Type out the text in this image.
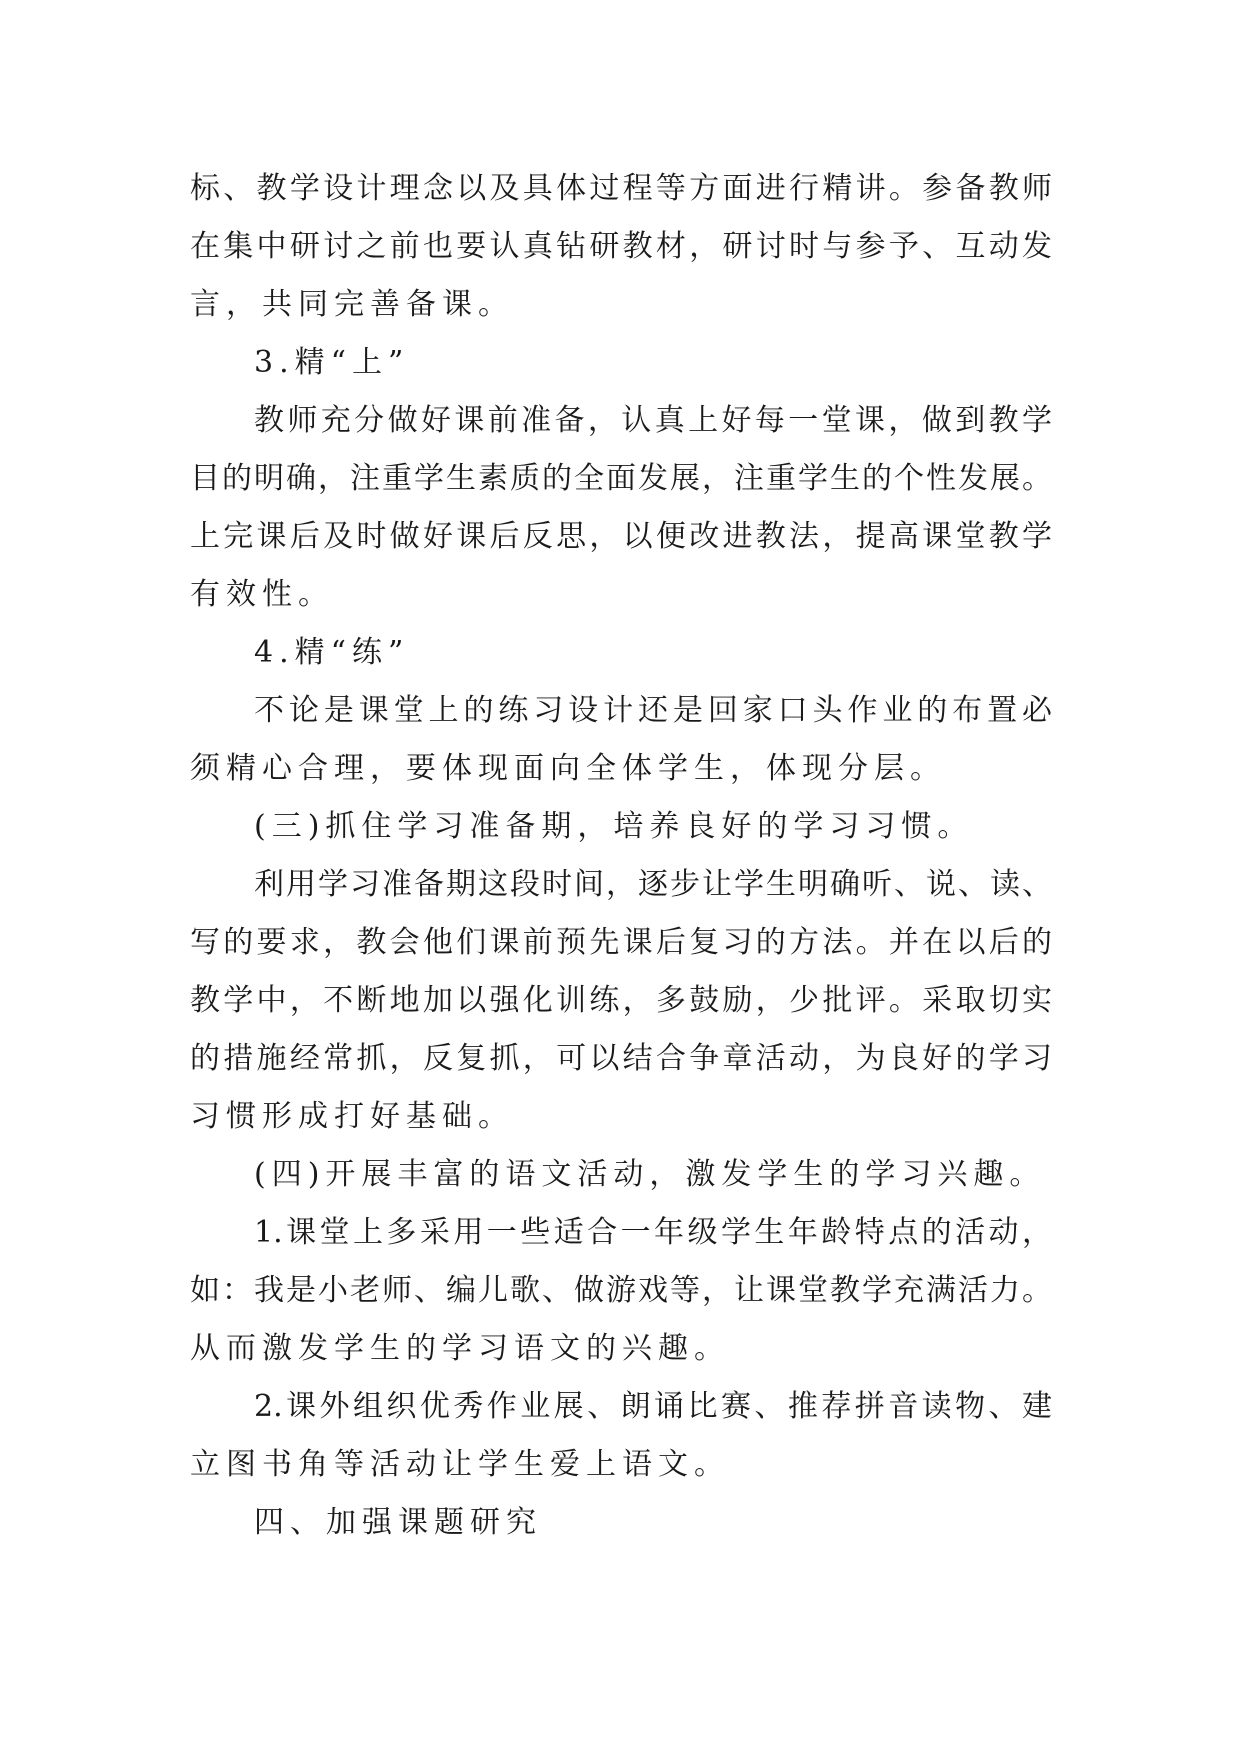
标、教学设计理念以及具体过程等方面进行精讲。参备教师
在集中研讨之前也要认真钻研教材，研讨时与参予、互动发
言，共同完善备课。
3.精“上”
教师充分做好课前准备，认真上好每一堂课，做到教学
目的明确，注重学生素质的全面发展，注重学生的个性发展。
上完课后及时做好课后反思，以便改进教法，提高课堂教学
有效性。
4.精“练”
不论是课堂上的练习设计还是回家口头作业的布置必
须精心合理，要体现面向全体学生，体现分层。
(三)抓住学习准备期，培养良好的学习习惯。
利用学习准备期这段时间，逐步让学生明确听、说、读、
写的要求，教会他们课前预先课后复习的方法。并在以后的
教学中，不断地加以强化训练，多鼓励，少批评。采取切实
的措施经常抓，反复抓，可以结合争章活动，为良好的学习
习惯形成打好基础。
(四)开展丰富的语文活动，激发学生的学习兴趣。
1.课堂上多采用一些适合一年级学生年龄特点的活动，
如：我是小老师、编儿歌、做游戏等，让课堂教学充满活力。
从而激发学生的学习语文的兴趣。
2.课外组织优秀作业展、朗诵比赛、推荐拼音读物、建
立图书角等活动让学生爱上语文。
四、加强课题研究
